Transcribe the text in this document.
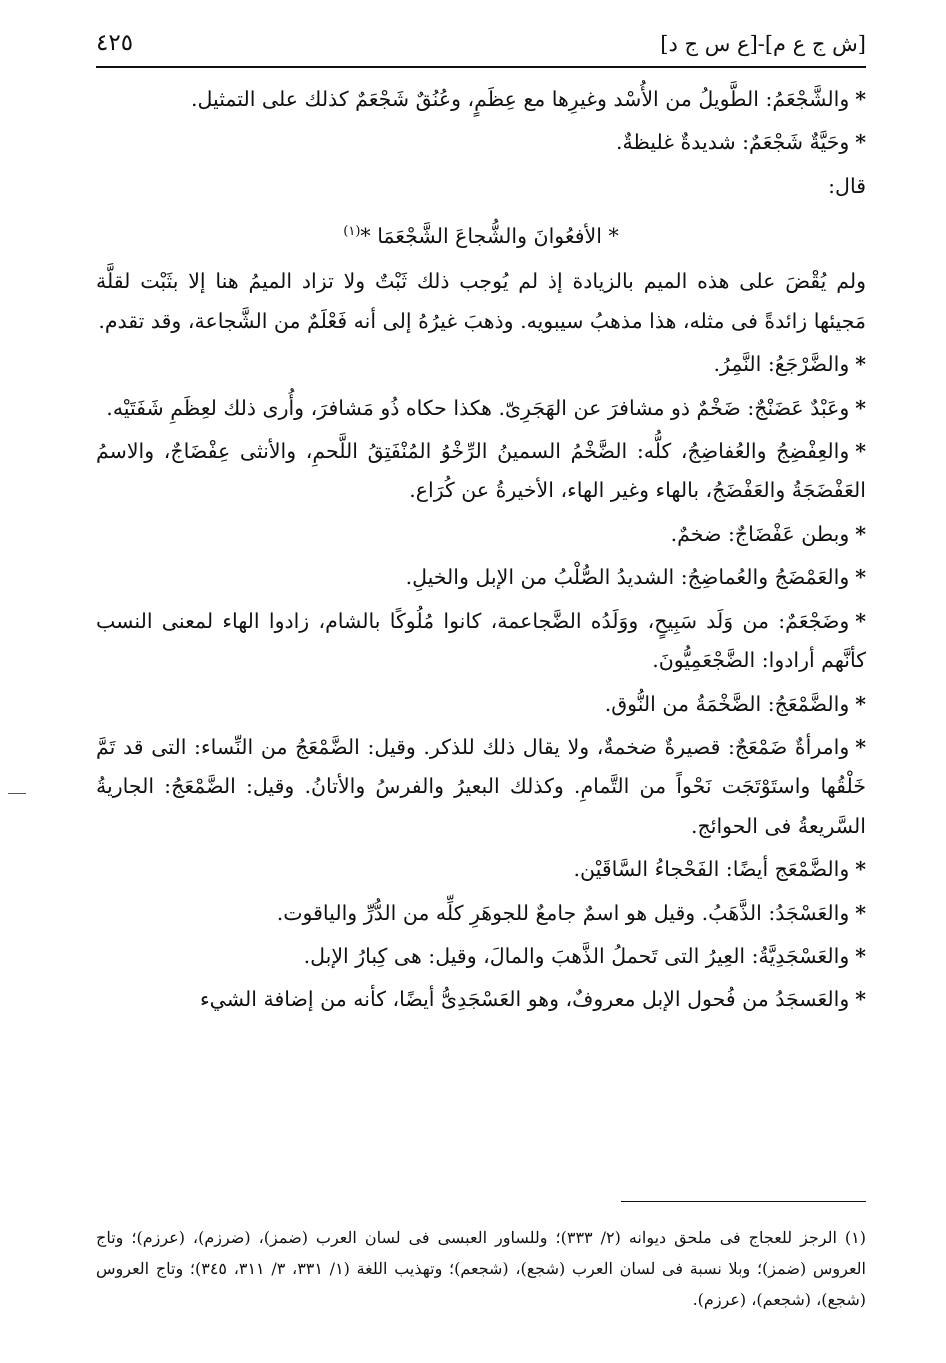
[ش ج ع م]-[ع س ج د]
٤٢٥

*والشَّجْعَمُ: الطَّويلُ من الأُسْد وغيرِها مع عِظَمٍ، وعُنُقٌ شَجْعَمٌ كذلك على التمثيل.

*وحَيَّةٌ شَجْعَمٌ: شديدةٌ غليظةٌ.

قال:

* الأفعُوانَ والشُّجاعَ الشَّجْعَمَا *$^{(١)}$

ولم يُقْضَ على هذه الميم بالزيادة إذ لم يُوجب ذلك ثَبْتٌ ولا تزاد الميمُ هنا إلا بثَبْت لقلَّة مَجيئها زائدةً فى مثله، هذا مذهبُ سيبويه. وذهبَ غيرُهُ إلى أنه فَعْلَمٌ من الشَّجاعة، وقد تقدم.

*والضَّرْجَعُ: النَّمِرُ.

*وعَبْدٌ عَضَنْجٌ: ضَخْمٌ ذو مشافرَ عن الهَجَرِىّ. هكذا حكاه ذُو مَشافرَ، وأُرى ذلك لعِظَمِ شَفَتَيْه.

*والعِفْضِجُ والعُفاضِجُ، كلُّه: الضَّخْمُ السمينُ الرِّخْوُ المُنْفَتِقُ اللَّحمِ، والأنثى عِفْضَاجٌ، والاسمُ العَفْضَجَةُ والعَفْضَجُ، بالهاء وغير الهاء، الأخيرةُ عن كُرَاع.

*وبطن عَفْضَاجٌ: ضخمٌ.

*والعَمْضَجُ والعُماضِجُ: الشديدُ الصُّلْبُ من الإبل والخيلِ.

*وضَجْعَمٌ: من وَلَد سَبِيحٍ، ووَلَدُه الضَّجاعمة، كانوا مُلُوكًا بالشام، زادوا الهاء لمعنى النسب كأنَّهم أرادوا: الضَّجْعَمِيُّونَ.

*والضَّمْعَجُ: الضَّخْمَةُ من النُّوق.

*وامرأةٌ ضَمْعَجٌ: قصيرةٌ ضخمةٌ، ولا يقال ذلك للذكر. وقيل: الضَّمْعَجُ من النِّساء: التى قد تَمَّ خَلْقُها واستَوْتَجَت نَحْواً من التَّمامِ. وكذلك البعيرُ والفرسُ والأتانُ. وقيل: الضَّمْعَجُ: الجاريةُ السَّريعةُ فى الحوائج.

*والضَّمْعَج أيضًا: الفَحْجاءُ السَّاقَيْن.

*والعَسْجَدُ: الذَّهَبُ. وقيل هو اسمٌ جامعٌ للجوهَرِ كلِّه من الدُّرِّ والياقوت.

*والعَسْجَدِيَّةُ: العِيرُ التى تَحملُ الذَّهبَ والمالَ، وقيل: هى كِبارُ الإبل.

*والعَسجَدُ من فُحول الإبل معروفٌ، وهو العَسْجَدِىُّ أيضًا، كأنه من إضافة الشيء

(١) الرجز للعجاج فى ملحق ديوانه (٢/ ٣٣٣)؛ وللساور العبسى فى لسان العرب (ضمز)، (ضرزم)، (عرزم)؛ وتاج العروس (ضمز)؛ وبلا نسبة فى لسان العرب (شجع)، (شجعم)؛ وتهذيب اللغة (١/ ٣٣١، ٣/ ٣١١، ٣٤٥)؛ وتاج العروس (شجع)، (شجعم)، (عرزم).
